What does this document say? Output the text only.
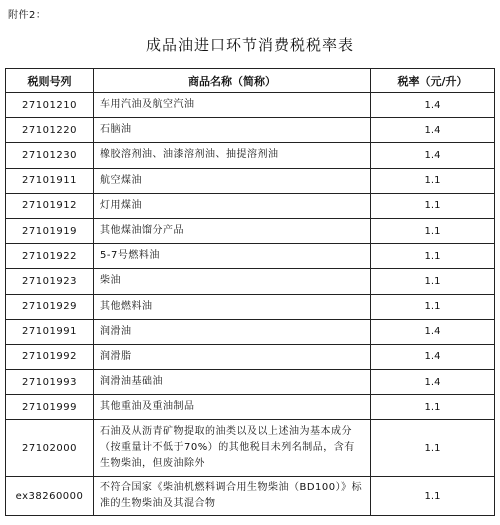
附件2：
成品油进口环节消费税税率表
税则号列	商品名称（简称）	税率（元/升）
27101210	车用汽油及航空汽油	1.4
27101220	石脑油	1.4
27101230	橡胶溶剂油、油漆溶剂油、抽提溶剂油	1.4
27101911	航空煤油	1.1
27101912	灯用煤油	1.1
27101919	其他煤油馏分产品	1.1
27101922	5-7号燃料油	1.1
27101923	柴油	1.1
27101929	其他燃料油	1.1
27101991	润滑油	1.4
27101992	润滑脂	1.4
27101993	润滑油基础油	1.4
27101999	其他重油及重油制品	1.1
27102000	石油及从沥青矿物提取的油类以及以上述油为基本成分（按重量计不低于70%）的其他税目未列名制品，含有生物柴油，但废油除外	1.1
ex38260000	不符合国家《柴油机燃料调合用生物柴油（BD100）》标准的生物柴油及其混合物	1.1
